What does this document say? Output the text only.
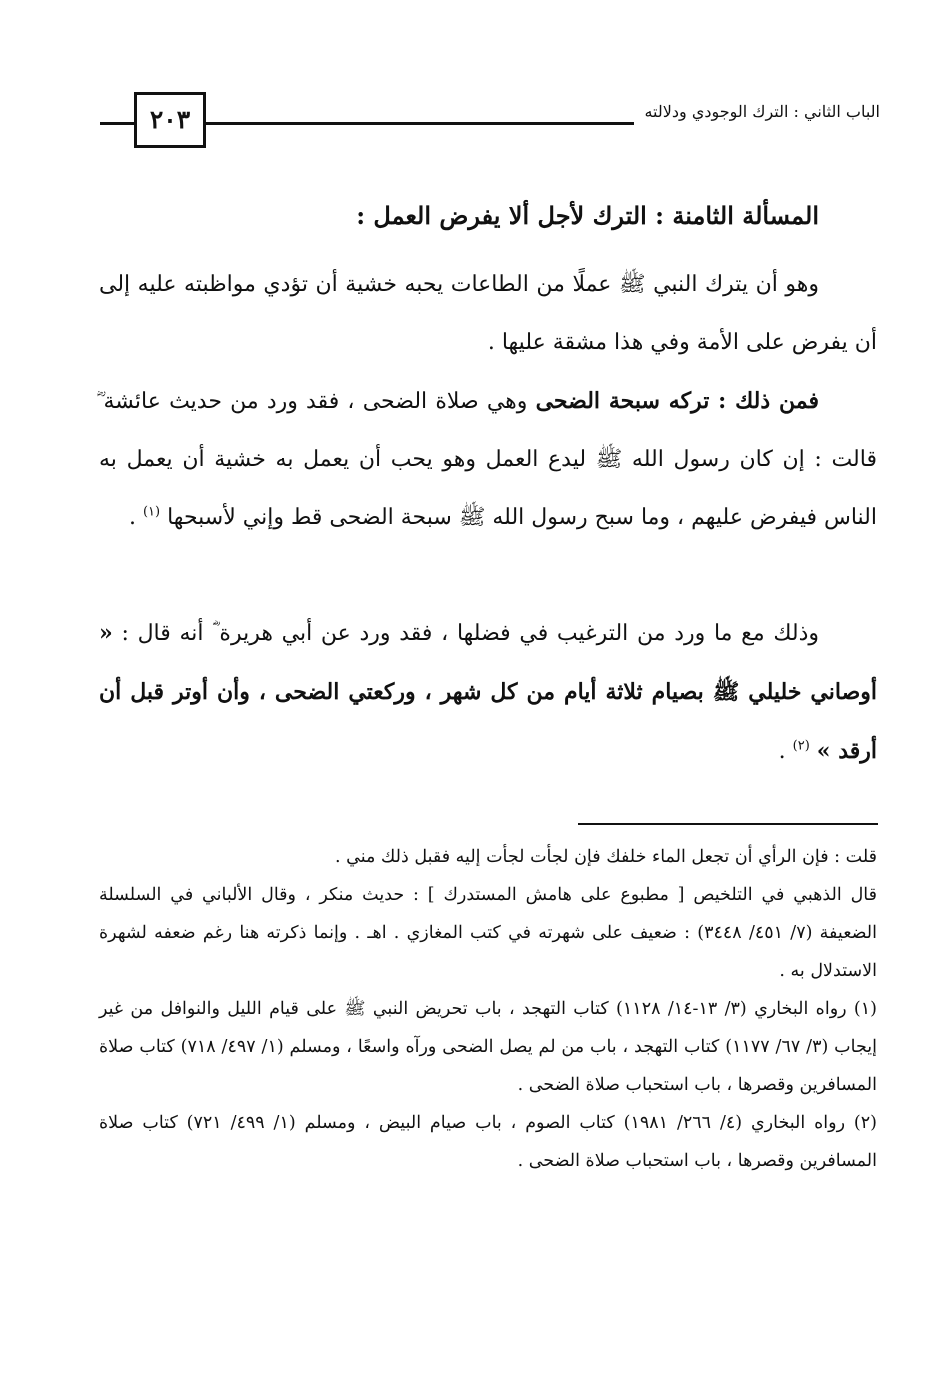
الباب الثاني : الترك الوجودي ودلالته
٢٠٣
المسألة الثامنة : الترك لأجل ألا يفرض العمل :
وهو أن يترك النبي ﷺ عملًا من الطاعات يحبه خشية أن تؤدي مواظبته عليه إلى أن يفرض على الأمة وفي هذا مشقة عليها .
فمن ذلك : تركه سبحة الضحى وهي صلاة الضحى ، فقد ورد من حديث عائشة ؓ قالت : إن كان رسول الله ﷺ ليدع العمل وهو يحب أن يعمل به خشية أن يعمل به الناس فيفرض عليهم ، وما سبح رسول الله ﷺ سبحة الضحى قط وإني لأسبحها $^{(١)}$ .
وذلك مع ما ورد من الترغيب في فضلها ، فقد ورد عن أبي هريرة ؓ أنه قال : « أوصاني خليلي ﷺ بصيام ثلاثة أيام من كل شهر ، وركعتي الضحى ، وأن أوتر قبل أن أرقد » $^{(٢)}$ .

قلت : فإن الرأي أن تجعل الماء خلفك فإن لجأت لجأت إليه فقبل ذلك مني .

قال الذهبي في التلخيص [ مطبوع على هامش المستدرك ] : حديث منكر ، وقال الألباني في السلسلة الضعيفة (٧/ ٤٥١/ ٣٤٤٨) : ضعيف على شهرته في كتب المغازي . اهـ . وإنما ذكرته هنا رغم ضعفه لشهرة الاستدلال به .

(١) رواه البخاري (٣/ ١٣-١٤/ ١١٢٨) كتاب التهجد ، باب تحريض النبي ﷺ على قيام الليل والنوافل من غير إيجاب (٣/ ٦٧/ ١١٧٧) كتاب التهجد ، باب من لم يصل الضحى ورآه واسعًا ، ومسلم (١/ ٤٩٧/ ٧١٨) كتاب صلاة المسافرين وقصرها ، باب استحباب صلاة الضحى .

(٢) رواه البخاري (٤/ ٢٦٦/ ١٩٨١) كتاب الصوم ، باب صيام البيض ، ومسلم (١/ ٤٩٩/ ٧٢١) كتاب صلاة المسافرين وقصرها ، باب استحباب صلاة الضحى .
